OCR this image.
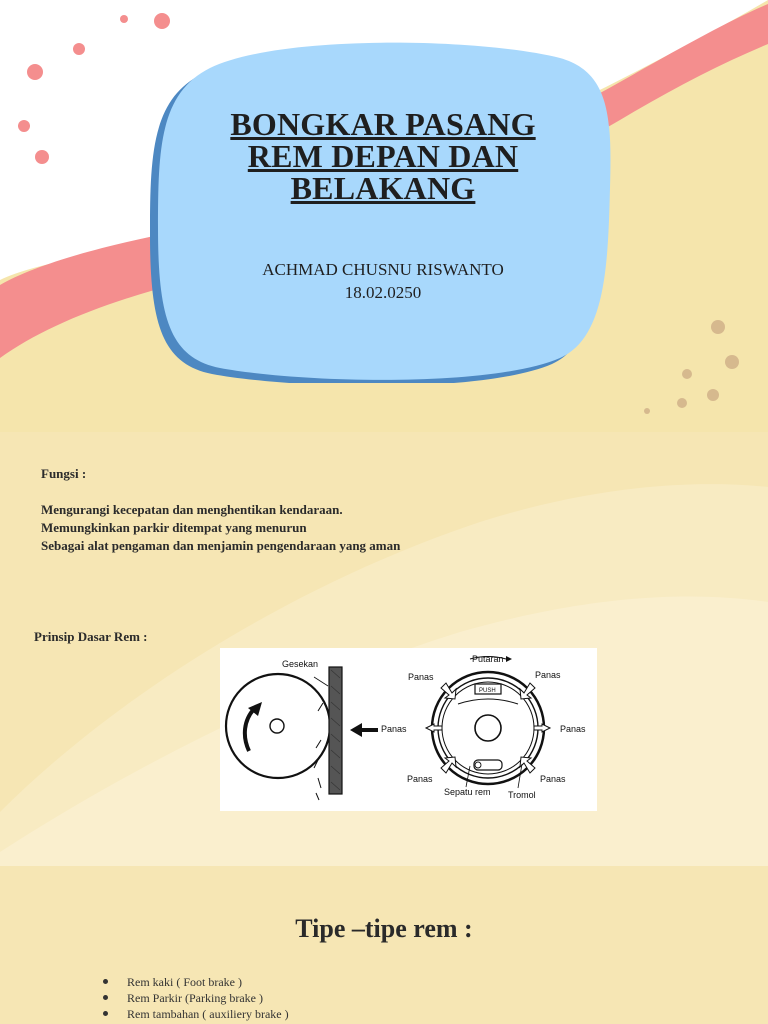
BONGKAR PASANG REM DEPAN DAN BELAKANG
ACHMAD CHUSNU RISWANTO
18.02.0250
Fungsi :
Mengurangi kecepatan dan menghentikan kendaraan.
Memungkinkan parkir ditempat yang menurun
Sebagai alat pengaman dan menjamin pengendaraan yang aman
Prinsip Dasar Rem :
Gesekan
Panas
PUSH
Putaran
Panas	Panas
Panas
Panas	Panas
Sepatu rem Tromol
Tipe –tipe rem :
Rem kaki ( Foot brake )
Rem Parkir (Parking brake )
Rem tambahan ( auxiliery brake )
